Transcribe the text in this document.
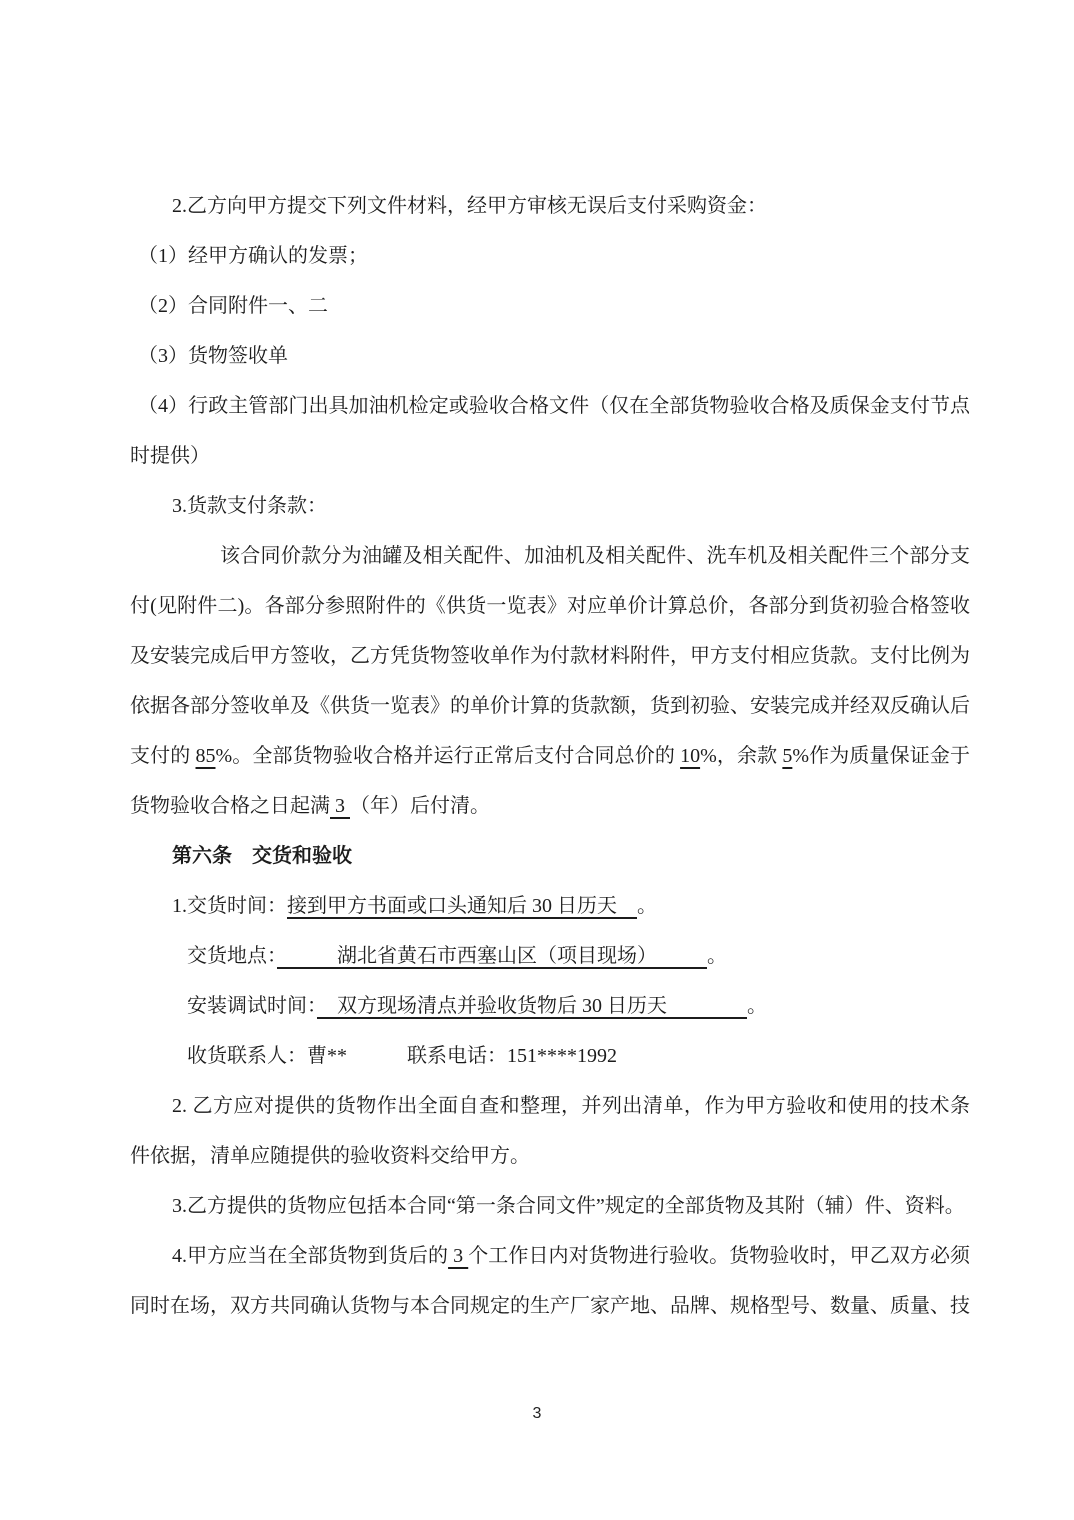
2.乙方向甲方提交下列文件材料，经甲方审核无误后支付采购资金：

（1）经甲方确认的发票；

（2）合同附件一、二

（3）货物签收单

（4）行政主管部门出具加油机检定或验收合格文件（仅在全部货物验收合格及质保金支付节点时提供）

3.货款支付条款：

该合同价款分为油罐及相关配件、加油机及相关配件、洗车机及相关配件三个部分支付(见附件二)。各部分参照附件的《供货一览表》对应单价计算总价，各部分到货初验合格签收及安装完成后甲方签收，乙方凭货物签收单作为付款材料附件，甲方支付相应货款。支付比例为依据各部分签收单及《供货一览表》的单价计算的货款额，货到初验、安装完成并经双反确认后支付的 85%。全部货物验收合格并运行正常后支付合同总价的 10%，余款 5%作为质量保证金于货物验收合格之日起满 3 （年）后付清。

第六条　交货和验收

1.交货时间：接到甲方书面或口头通知后 30 日历天　。

交货地点：　　　湖北省黄石市西塞山区（项目现场）　　　。

安装调试时间：　双方现场清点并验收货物后 30 日历天　　　　。

收货联系人：曹**　　　联系电话：151****1992

2. 乙方应对提供的货物作出全面自查和整理，并列出清单，作为甲方验收和使用的技术条件依据，清单应随提供的验收资料交给甲方。

3.乙方提供的货物应包括本合同“第一条合同文件”规定的全部货物及其附（辅）件、资料。

4.甲方应当在全部货物到货后的 3 个工作日内对货物进行验收。货物验收时，甲乙双方必须同时在场，双方共同确认货物与本合同规定的生产厂家产地、品牌、规格型号、数量、质量、技

3
